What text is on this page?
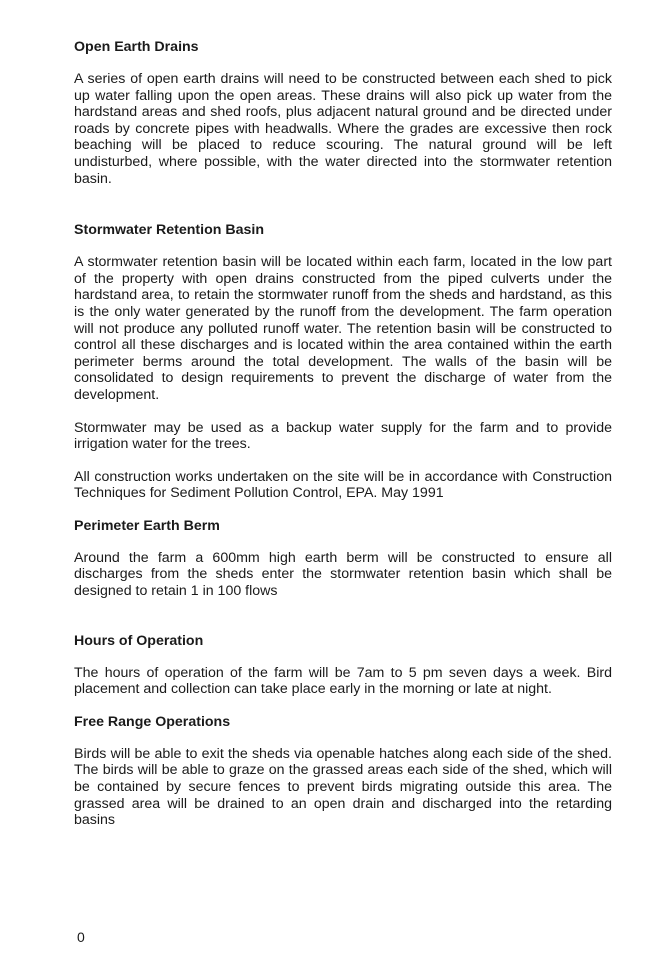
Open Earth Drains

A series of open earth drains will need to be constructed between each shed to pick up water falling upon the open areas. These drains will also pick up water from the hardstand areas and shed roofs, plus adjacent natural ground and be directed under roads by concrete pipes with headwalls. Where the grades are excessive then rock beaching will be placed to reduce scouring. The natural ground will be left undisturbed, where possible, with the water directed into the stormwater retention basin.

Stormwater Retention Basin

A stormwater retention basin will be located within each farm, located in the low part of the property with open drains constructed from the piped culverts under the hardstand area, to retain the stormwater runoff from the sheds and hardstand, as this is the only water generated by the runoff from the development. The farm operation will not produce any polluted runoff water. The retention basin will be constructed to control all these discharges and is located within the area contained within the earth perimeter berms around the total development. The walls of the basin will be consolidated to design requirements to prevent the discharge of water from the development.

Stormwater may be used as a backup water supply for the farm and to provide irrigation water for the trees.

All construction works undertaken on the site will be in accordance with Construction Techniques for Sediment Pollution Control, EPA. May 1991

Perimeter Earth Berm

Around the farm a 600mm high earth berm will be constructed to ensure all discharges from the sheds enter the stormwater retention basin which shall be designed to retain 1 in 100 flows

Hours of Operation

The hours of operation of the farm will be 7am to 5 pm seven days a week. Bird placement and collection can take place early in the morning or late at night.

Free Range Operations

Birds will be able to exit the sheds via openable hatches along each side of the shed. The birds will be able to graze on the grassed areas each side of the shed, which will be contained by secure fences to prevent birds migrating outside this area. The grassed area will be drained to an open drain and discharged into the retarding basins

0
